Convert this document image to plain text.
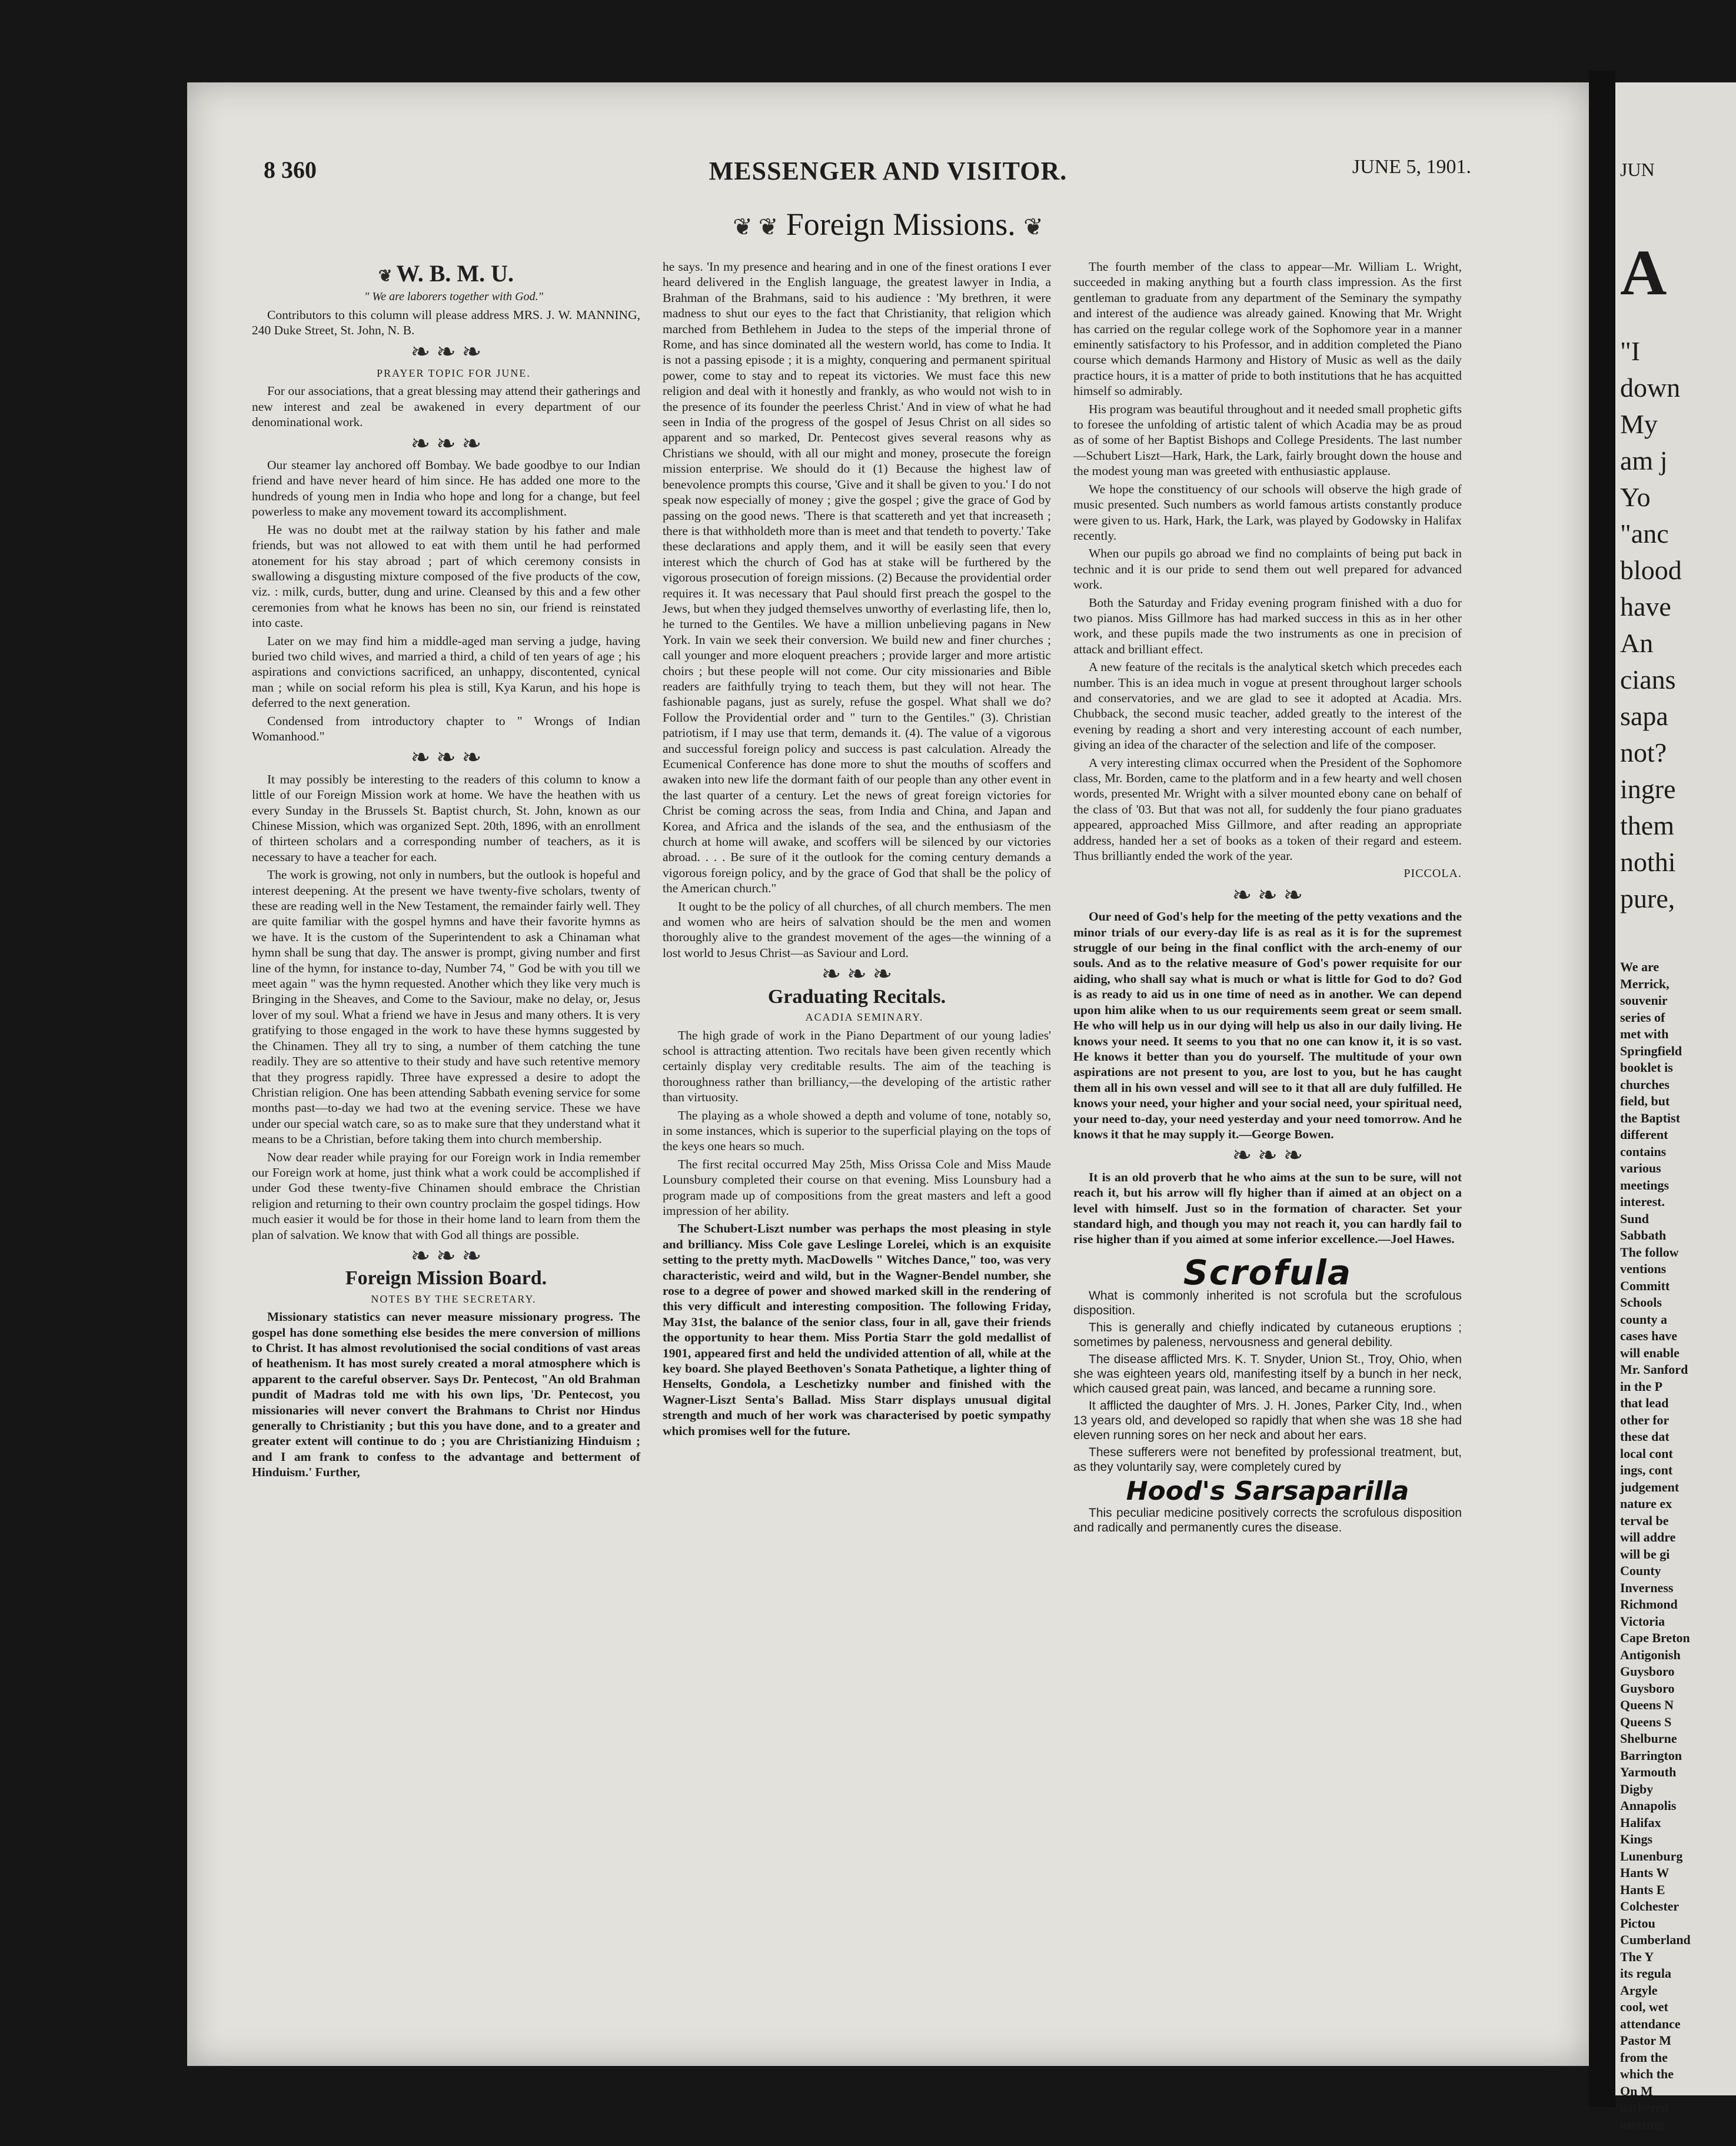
8 360	MESSENGER AND VISITOR.	JUNE 5, 1901.
❦ ❦ Foreign Missions. ❦
❦ W. B. M. U.

" We are laborers together with God."

Contributors to this column will please address MRS. J. W. MANNING, 240 Duke Street, St. John, N. B.

❧ ❧ ❧

PRAYER TOPIC FOR JUNE.

For our associations, that a great blessing may attend their gatherings and new interest and zeal be awakened in every department of our denominational work.

❧ ❧ ❧

Our steamer lay anchored off Bombay. We bade goodbye to our Indian friend and have never heard of him since. He has added one more to the hundreds of young men in India who hope and long for a change, but feel powerless to make any movement toward its accomplishment.

He was no doubt met at the railway station by his father and male friends, but was not allowed to eat with them until he had performed atonement for his stay abroad ; part of which ceremony consists in swallowing a disgusting mixture composed of the five products of the cow, viz. : milk, curds, butter, dung and urine. Cleansed by this and a few other ceremonies from what he knows has been no sin, our friend is reinstated into caste.

Later on we may find him a middle-aged man serving a judge, having buried two child wives, and married a third, a child of ten years of age ; his aspirations and convictions sacrificed, an unhappy, discontented, cynical man ; while on social reform his plea is still, Kya Karun, and his hope is deferred to the next generation.

Condensed from introductory chapter to " Wrongs of Indian Womanhood."

❧ ❧ ❧

It may possibly be interesting to the readers of this column to know a little of our Foreign Mission work at home. We have the heathen with us every Sunday in the Brussels St. Baptist church, St. John, known as our Chinese Mission, which was organized Sept. 20th, 1896, with an enrollment of thirteen scholars and a corresponding number of teachers, as it is necessary to have a teacher for each.

The work is growing, not only in numbers, but the outlook is hopeful and interest deepening. At the present we have twenty-five scholars, twenty of these are reading well in the New Testament, the remainder fairly well. They are quite familiar with the gospel hymns and have their favorite hymns as we have. It is the custom of the Superintendent to ask a Chinaman what hymn shall be sung that day. The answer is prompt, giving number and first line of the hymn, for instance to-day, Number 74, " God be with you till we meet again " was the hymn requested. Another which they like very much is Bringing in the Sheaves, and Come to the Saviour, make no delay, or, Jesus lover of my soul. What a friend we have in Jesus and many others. It is very gratifying to those engaged in the work to have these hymns suggested by the Chinamen. They all try to sing, a number of them catching the tune readily. They are so attentive to their study and have such retentive memory that they progress rapidly. Three have expressed a desire to adopt the Christian religion. One has been attending Sabbath evening service for some months past—to-day we had two at the evening service. These we have under our special watch care, so as to make sure that they understand what it means to be a Christian, before taking them into church membership.

Now dear reader while praying for our Foreign work in India remember our Foreign work at home, just think what a work could be accomplished if under God these twenty-five Chinamen should embrace the Christian religion and returning to their own country proclaim the gospel tidings. How much easier it would be for those in their home land to learn from them the plan of salvation. We know that with God all things are possible.

❧ ❧ ❧

Foreign Mission Board.

NOTES BY THE SECRETARY.

Missionary statistics can never measure missionary progress. The gospel has done something else besides the mere conversion of millions to Christ. It has almost revolutionised the social conditions of vast areas of heathenism. It has most surely created a moral atmosphere which is apparent to the careful observer. Says Dr. Pentecost, "An old Brahman pundit of Madras told me with his own lips, 'Dr. Pentecost, you missionaries will never convert the Brahmans to Christ nor Hindus generally to Christianity ; but this you have done, and to a greater and greater extent will continue to do ; you are Christianizing Hinduism ; and I am frank to confess to the advantage and betterment of Hinduism.' Further,

he says. 'In my presence and hearing and in one of the finest orations I ever heard delivered in the English language, the greatest lawyer in India, a Brahman of the Brahmans, said to his audience : 'My brethren, it were madness to shut our eyes to the fact that Christianity, that religion which marched from Bethlehem in Judea to the steps of the imperial throne of Rome, and has since dominated all the western world, has come to India. It is not a passing episode ; it is a mighty, conquering and permanent spiritual power, come to stay and to repeat its victories. We must face this new religion and deal with it honestly and frankly, as who would not wish to in the presence of its founder the peerless Christ.' And in view of what he had seen in India of the progress of the gospel of Jesus Christ on all sides so apparent and so marked, Dr. Pentecost gives several reasons why as Christians we should, with all our might and money, prosecute the foreign mission enterprise. We should do it (1) Because the highest law of benevolence prompts this course, 'Give and it shall be given to you.' I do not speak now especially of money ; give the gospel ; give the grace of God by passing on the good news. 'There is that scattereth and yet that increaseth ; there is that withholdeth more than is meet and that tendeth to poverty.' Take these declarations and apply them, and it will be easily seen that every interest which the church of God has at stake will be furthered by the vigorous prosecution of foreign missions. (2) Because the providential order requires it. It was necessary that Paul should first preach the gospel to the Jews, but when they judged themselves unworthy of everlasting life, then lo, he turned to the Gentiles. We have a million unbelieving pagans in New York. In vain we seek their conversion. We build new and finer churches ; call younger and more eloquent preachers ; provide larger and more artistic choirs ; but these people will not come. Our city missionaries and Bible readers are faithfully trying to teach them, but they will not hear. The fashionable pagans, just as surely, refuse the gospel. What shall we do? Follow the Providential order and " turn to the Gentiles." (3). Christian patriotism, if I may use that term, demands it. (4). The value of a vigorous and successful foreign policy and success is past calculation. Already the Ecumenical Conference has done more to shut the mouths of scoffers and awaken into new life the dormant faith of our people than any other event in the last quarter of a century. Let the news of great foreign victories for Christ be coming across the seas, from India and China, and Japan and Korea, and Africa and the islands of the sea, and the enthusiasm of the church at home will awake, and scoffers will be silenced by our victories abroad. . . . Be sure of it the outlook for the coming century demands a vigorous foreign policy, and by the grace of God that shall be the policy of the American church."

It ought to be the policy of all churches, of all church members. The men and women who are heirs of salvation should be the men and women thoroughly alive to the grandest movement of the ages—the winning of a lost world to Jesus Christ—as Saviour and Lord.

❧ ❧ ❧

Graduating Recitals.

ACADIA SEMINARY.

The high grade of work in the Piano Department of our young ladies' school is attracting attention. Two recitals have been given recently which certainly display very creditable results. The aim of the teaching is thoroughness rather than brilliancy,—the developing of the artistic rather than virtuosity.

The playing as a whole showed a depth and volume of tone, notably so, in some instances, which is superior to the superficial playing on the tops of the keys one hears so much.

The first recital occurred May 25th, Miss Orissa Cole and Miss Maude Lounsbury completed their course on that evening. Miss Lounsbury had a program made up of compositions from the great masters and left a good impression of her ability.

The Schubert-Liszt number was perhaps the most pleasing in style and brilliancy. Miss Cole gave Leslinge Lorelei, which is an exquisite setting to the pretty myth. MacDowells " Witches Dance," too, was very characteristic, weird and wild, but in the Wagner-Bendel number, she rose to a degree of power and showed marked skill in the rendering of this very difficult and interesting composition. The following Friday, May 31st, the balance of the senior class, four in all, gave their friends the opportunity to hear them. Miss Portia Starr the gold medallist of 1901, appeared first and held the undivided attention of all, while at the key board. She played Beethoven's Sonata Pathetique, a lighter thing of Henselts, Gondola, a Leschetizky number and finished with the Wagner-Liszt Senta's Ballad. Miss Starr displays unusual digital strength and much of her work was characterised by poetic sympathy which promises well for the future.

The fourth member of the class to appear—Mr. William L. Wright, succeeded in making anything but a fourth class impression. As the first gentleman to graduate from any department of the Seminary the sympathy and interest of the audience was already gained. Knowing that Mr. Wright has carried on the regular college work of the Sophomore year in a manner eminently satisfactory to his Professor, and in addition completed the Piano course which demands Harmony and History of Music as well as the daily practice hours, it is a matter of pride to both institutions that he has acquitted himself so admirably.

His program was beautiful throughout and it needed small prophetic gifts to foresee the unfolding of artistic talent of which Acadia may be as proud as of some of her Baptist Bishops and College Presidents. The last number—Schubert Liszt—Hark, Hark, the Lark, fairly brought down the house and the modest young man was greeted with enthusiastic applause.

We hope the constituency of our schools will observe the high grade of music presented. Such numbers as world famous artists constantly produce were given to us. Hark, Hark, the Lark, was played by Godowsky in Halifax recently.

When our pupils go abroad we find no complaints of being put back in technic and it is our pride to send them out well prepared for advanced work.

Both the Saturday and Friday evening program finished with a duo for two pianos. Miss Gillmore has had marked success in this as in her other work, and these pupils made the two instruments as one in precision of attack and brilliant effect.

A new feature of the recitals is the analytical sketch which precedes each number. This is an idea much in vogue at present throughout larger schools and conservatories, and we are glad to see it adopted at Acadia. Mrs. Chubback, the second music teacher, added greatly to the interest of the evening by reading a short and very interesting account of each number, giving an idea of the character of the selection and life of the composer.

A very interesting climax occurred when the President of the Sophomore class, Mr. Borden, came to the platform and in a few hearty and well chosen words, presented Mr. Wright with a silver mounted ebony cane on behalf of the class of '03. But that was not all, for suddenly the four piano graduates appeared, approached Miss Gillmore, and after reading an appropriate address, handed her a set of books as a token of their regard and esteem. Thus brilliantly ended the work of the year.

PICCOLA.

❧ ❧ ❧

Our need of God's help for the meeting of the petty vexations and the minor trials of our every-day life is as real as it is for the supremest struggle of our being in the final conflict with the arch-enemy of our souls. And as to the relative measure of God's power requisite for our aiding, who shall say what is much or what is little for God to do? God is as ready to aid us in one time of need as in another. We can depend upon him alike when to us our requirements seem great or seem small. He who will help us in our dying will help us also in our daily living. He knows your need. It seems to you that no one can know it, it is so vast. He knows it better than you do yourself. The multitude of your own aspirations are not present to you, are lost to you, but he has caught them all in his own vessel and will see to it that all are duly fulfilled. He knows your need, your higher and your social need, your spiritual need, your need to-day, your need yesterday and your need tomorrow. And he knows it that he may supply it.—George Bowen.

❧ ❧ ❧

It is an old proverb that he who aims at the sun to be sure, will not reach it, but his arrow will fly higher than if aimed at an object on a level with himself. Just so in the formation of character. Set your standard high, and though you may not reach it, you can hardly fail to rise higher than if you aimed at some inferior excellence.—Joel Hawes.

Scrofula

What is commonly inherited is not scrofula but the scrofulous disposition.

This is generally and chiefly indicated by cutaneous eruptions ; sometimes by paleness, nervousness and general debility.

The disease afflicted Mrs. K. T. Snyder, Union St., Troy, Ohio, when she was eighteen years old, manifesting itself by a bunch in her neck, which caused great pain, was lanced, and became a running sore.

It afflicted the daughter of Mrs. J. H. Jones, Parker City, Ind., when 13 years old, and developed so rapidly that when she was 18 she had eleven running sores on her neck and about her ears.

These sufferers were not benefited by professional treatment, but, as they voluntarily say, were completely cured by

Hood's Sarsaparilla

This peculiar medicine positively corrects the scrofulous disposition and radically and permanently cures the disease.

JUN
A
"I
down
My
am j
Yo
"anc
blood
have
An
cians
sapa
not?
ingre
them
nothi
pure,
We are
Merrick,
souvenir
series of
met with
Springfield
booklet is
churches
field, but
the Baptist
different
contains
various
meetings
interest.
Sund
Sabbath
The follow
ventions
Committ
Schools
county a
cases have
will enable
Mr. Sanford
in the P
that lead
other for
these dat
local cont
ings, cont
judgement
nature ex
terval be
will addre
will be gi
County
Inverness
Richmond
Victoria
Cape Breton
Antigonish
Guysboro
Guysboro
Queens N
Queens S
Shelburne
Barrington
Yarmouth
Digby
Annapolis
Halifax
Kings
Lunenburg
Hants W
Hants E
Colchester
Pictou
Cumberland
The Y
its regula
Argyle
cool, wet
attendance
Pastor M
from the
which the
On M
gathered
meeting
